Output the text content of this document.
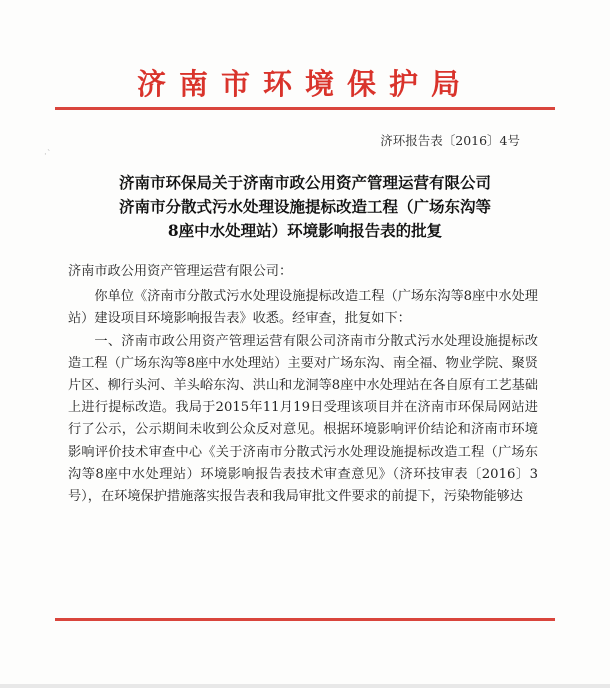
济南市环境保护局
·`
济环报告表〔2016〕4号
济南市环保局关于济南市政公用资产管理运营有限公司
济南市分散式污水处理设施提标改造工程（广场东沟等
8座中水处理站）环境影响报告表的批复

济南市政公用资产管理运营有限公司：

你单位《济南市分散式污水处理设施提标改造工程（广场东沟等8座中水处理站）建设项目环境影响报告表》收悉。经审查，批复如下：

一、济南市政公用资产管理运营有限公司济南市分散式污水处理设施提标改造工程（广场东沟等8座中水处理站）主要对广场东沟、南全福、物业学院、聚贤片区、柳行头河、羊头峪东沟、洪山和龙洞等8座中水处理站在各自原有工艺基础上进行提标改造。我局于2015年11月19日受理该项目并在济南市环保局网站进行了公示，公示期间未收到公众反对意见。根据环境影响评价结论和济南市环境影响评价技术审查中心《关于济南市分散式污水处理设施提标改造工程（广场东沟等8座中水处理站）环境影响报告表技术审查意见》（济环技审表〔2016〕3号），在环境保护措施落实报告表和我局审批文件要求的前提下，污染物能够达
